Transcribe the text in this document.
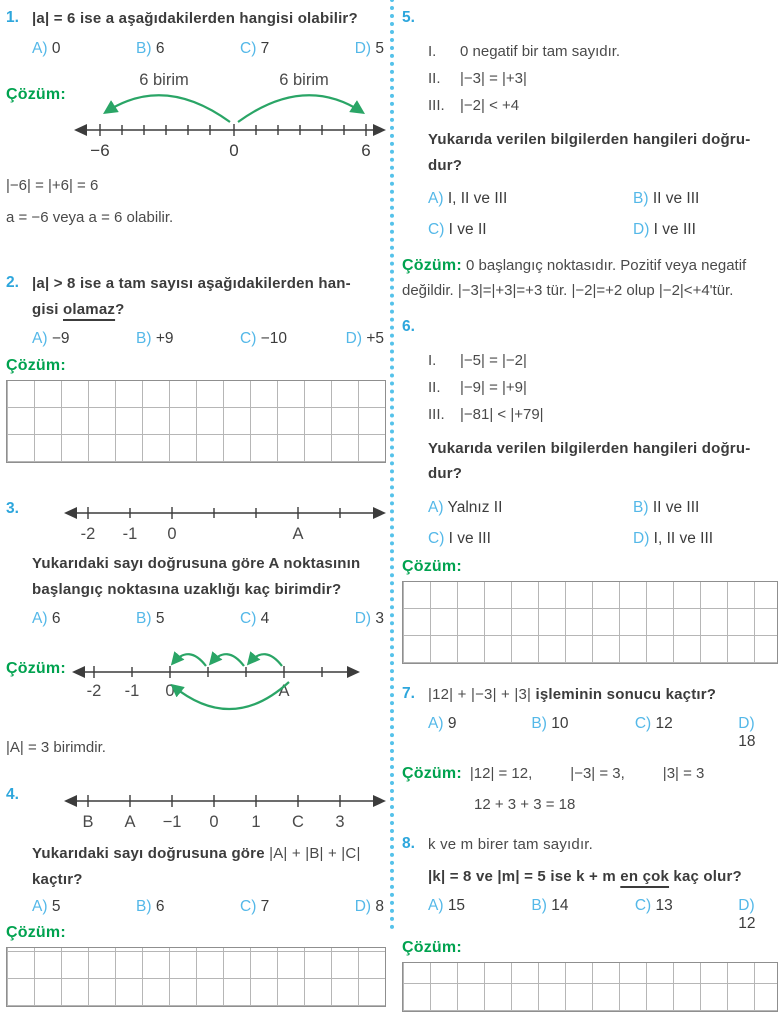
1. |a| = 6 ise a aşağıdakilerden hangisi olabilir?
A) 0	B) 6	C) 7	D) 5
Çözüm:
6 birim	6 birim
−6	0	6
|−6| = |+6| = 6
a = −6 veya a = 6 olabilir.
2. |a| > 8 ise a tam sayısı aşağıdakilerden han-
gisi olamaz?
A) −9	B) +9	C) −10	D) +5
Çözüm:
3.
-2 -1 0	A
Yukarıdaki sayı doğrusuna göre A noktasının başlangıç noktasına uzaklığı kaç birimdir?
A) 6	B) 5	C) 4	D) 3
Çözüm:
-2 -1 0	A
|A| = 3 birimdir.
4.
B A −1 0 1 C 3
Yukarıdaki sayı doğrusuna göre |A| + |B| + |C| kaçtır?
A) 5	B) 6	C) 7	D) 8
Çözüm:
5.
I.	0 negatif bir tam sayıdır.
II.	|−3| = |+3|
III.	|−2| < +4
Yukarıda verilen bilgilerden hangileri doğru-
dur?
A) I, II ve III	B) II ve III
C) I ve II	D) I ve III
Çözüm: 0 başlangıç noktasıdır. Pozitif veya negatif değildir. |−3|=|+3|=+3 tür. |−2|=+2 olup |−2|<+4'tür.
6.
I.	|−5| = |−2|
II.	|−9| = |+9|
III.	|−81| < |+79|
Yukarıda verilen bilgilerden hangileri doğru-
dur?
A) Yalnız II	B) II ve III
C) I ve III	D) I, II ve III
Çözüm:
7. |12| + |−3| + |3| işleminin sonucu kaçtır?
A) 9	B) 10	C) 12	D) 18
Çözüm: |12| = 12,	|−3| = 3,	|3| = 3
12 + 3 + 3 = 18
8. k ve m birer tam sayıdır.
|k| = 8 ve |m| = 5 ise k + m en çok kaç olur?
A) 15	B) 14	C) 13	D) 12
Çözüm:
